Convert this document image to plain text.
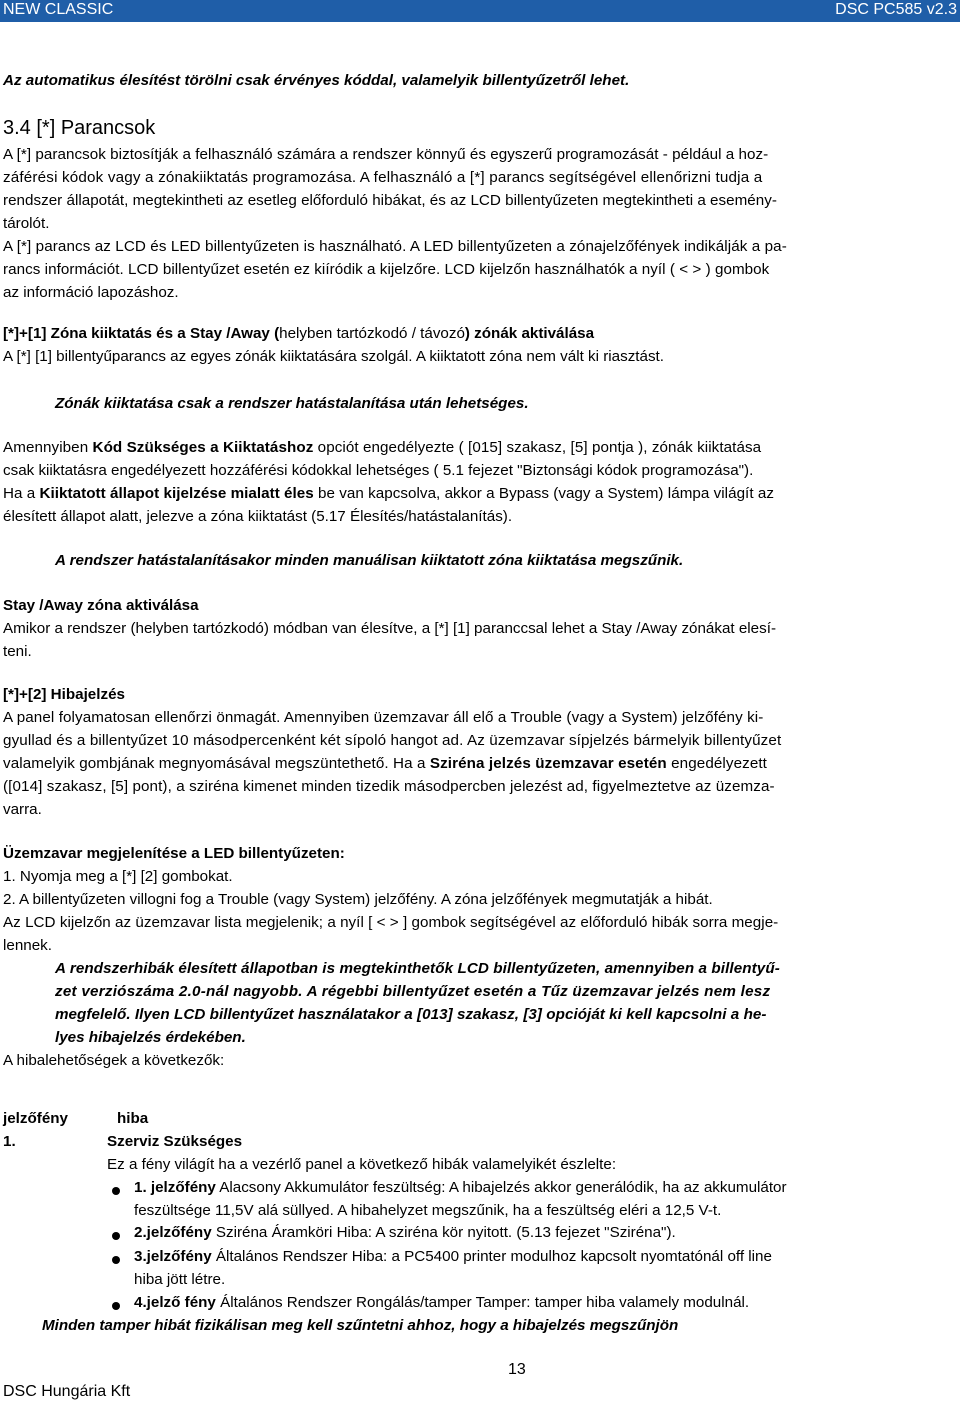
NEW CLASSIC	DSC PC585 v2.3
Az automatikus élesítést törölni csak érvényes kóddal, valamelyik billentyűzetről lehet.
3.4 [*] Parancsok
A [*] parancsok biztosítják a felhasználó számára a rendszer könnyű és egyszerű programozását - például a hoz-
záférési kódok vagy a zónakiiktatás programozása. A felhasználó a [*] parancs segítségével ellenőrizni tudja a
rendszer állapotát, megtekintheti az esetleg előforduló hibákat, és az LCD billentyűzeten megtekintheti a esemény-
tárolót.
A [*] parancs az LCD és LED billentyűzeten is használható. A LED billentyűzeten a zónajelzőfények indikálják a pa-
rancs információt. LCD billentyűzet esetén ez kiíródik a kijelzőre. LCD kijelzőn használhatók a nyíl ( < > ) gombok
az információ lapozáshoz.
[*]+[1] Zóna kiiktatás és a Stay /Away (helyben tartózkodó / távozó) zónák aktiválása
A [*] [1] billentyűparancs az egyes zónák kiiktatására szolgál. A kiiktatott zóna nem vált ki riasztást.
Zónák kiiktatása csak a rendszer hatástalanítása után lehetséges.
Amennyiben Kód Szükséges a Kiiktatáshoz opciót engedélyezte ( [015] szakasz, [5] pontja ), zónák kiiktatása
csak kiiktatásra engedélyezett hozzáférési kódokkal lehetséges ( 5.1 fejezet "Biztonsági kódok programozása").
Ha a Kiiktatott állapot kijelzése mialatt éles be van kapcsolva, akkor a Bypass (vagy a System) lámpa világít az
élesített állapot alatt, jelezve a zóna kiiktatást (5.17 Élesítés/hatástalanítás).
A rendszer hatástalanításakor minden manuálisan kiiktatott zóna kiiktatása megszűnik.
Stay /Away zóna aktiválása
Amikor a rendszer (helyben tartózkodó) módban van élesítve, a [*] [1] paranccsal lehet a Stay /Away zónákat elesí-
teni.
[*]+[2] Hibajelzés
A panel folyamatosan ellenőrzi önmagát. Amennyiben üzemzavar áll elő a Trouble (vagy a System) jelzőfény ki-
gyullad és a billentyűzet 10 másodpercenként két sípoló hangot ad. Az üzemzavar sípjelzés bármelyik billentyűzet
valamelyik gombjának megnyomásával megszüntethető. Ha a Sziréna jelzés üzemzavar esetén engedélyezett
([014] szakasz, [5] pont), a sziréna kimenet minden tizedik másodpercben jelezést ad, figyelmeztetve az üzemza-
varra.
Üzemzavar megjelenítése a LED billentyűzeten:
1. Nyomja meg a [*] [2] gombokat.
2. A billentyűzeten villogni fog a Trouble (vagy System) jelzőfény. A zóna jelzőfények megmutatják a hibát.
Az LCD kijelzőn az üzemzavar lista megjelenik; a nyíl [ < > ] gombok segítségével az előforduló hibák sorra megje-
lennek.
A rendszerhibák élesített állapotban is megtekinthetők LCD billentyűzeten, amennyiben a billentyű-
zet verziószáma 2.0-nál nagyobb. A régebbi billentyűzet esetén a Tűz üzemzavar jelzés nem lesz
megfelelő. Ilyen LCD billentyűzet használatakor a [013] szakasz, [3] opcióját ki kell kapcsolni a he-
lyes hibajelzés érdekében.
A hibalehetőségek a következők:
jelzőfény	hiba
1.	Szerviz Szükséges
Ez a fény világít ha a vezérlő panel a következő hibák valamelyikét észlelte:
1. jelzőfény Alacsony Akkumulátor feszültség: A hibajelzés akkor generálódik, ha az akkumulátor
feszültsége 11,5V alá süllyed. A hibahelyzet megszűnik, ha a feszültség eléri a 12,5 V-t.
2.jelzőfény Sziréna Áramköri Hiba: A sziréna kör nyitott. (5.13 fejezet "Sziréna").
3.jelzőfény Általános Rendszer Hiba: a PC5400 printer modulhoz kapcsolt nyomtatónál off line
hiba jött létre.
4.jelző fény Általános Rendszer Rongálás/tamper Tamper: tamper hiba valamely modulnál.
Minden tamper hibát fizikálisan meg kell szűntetni ahhoz, hogy a hibajelzés megszűnjön
13
DSC Hungária Kft
